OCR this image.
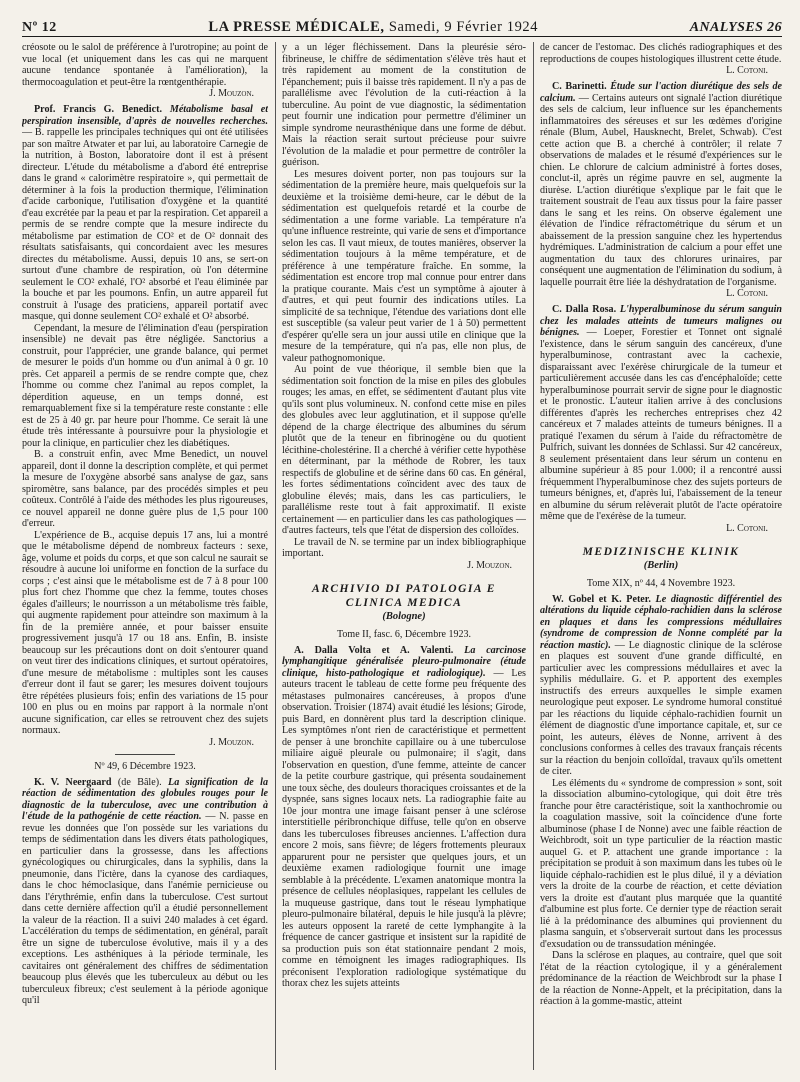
Nº 12	LA PRESSE MÉDICALE, Samedi, 9 Février 1924	ANALYSES 26

créosote ou le salol de préférence à l'urotropine; au point de vue local (et uniquement dans les cas qui ne marquent aucune tendance spontanée à l'amélioration), la thermocoagulation et peut-être la rœntgenthérapie.

J. Mouzon.

Prof. Francis G. Benedict. Métabolisme basal et perspiration insensible, d'après de nouvelles recherches. — B. rappelle les principales techniques qui ont été utilisées par son maître Atwater et par lui, au laboratoire Carnegie de la nutrition, à Boston, laboratoire dont il est à présent directeur. L'étude du métabolisme a d'abord été entreprise dans le grand « calorimètre respiratoire », qui permettait de déterminer à la fois la production thermique, l'élimination d'acide carbonique, l'utilisation d'oxygène et la quantité d'eau excrétée par la peau et par la respiration. Cet appareil a permis de se rendre compte que la mesure indirecte du métabolisme par estimation de CO² et de O² donnait des résultats satisfaisants, qui concordaient avec les mesures directes du métabolisme. Aussi, depuis 10 ans, se sert-on surtout d'une chambre de respiration, où l'on détermine seulement le CO² exhalé, l'O² absorbé et l'eau éliminée par la bouche et par les poumons. Enfin, un autre appareil fut construit à l'usage des praticiens, appareil portatif avec masque, qui donne seulement CO² exhalé et O² absorbé.

Cependant, la mesure de l'élimination d'eau (perspiration insensible) ne devait pas être négligée. Sanctorius a construit, pour l'apprécier, une grande balance, qui permet de mesurer le poids d'un homme ou d'un animal à 0 gr. 10 près. Cet appareil a permis de se rendre compte que, chez l'homme ou comme chez l'animal au repos complet, la déperdition aqueuse, en un temps donné, est remarquablement fixe si la température reste constante : elle est de 25 à 40 gr. par heure pour l'homme. Ce serait là une étude très intéressante à poursuivre pour la physiologie et pour la clinique, en particulier chez les diabétiques.

B. a construit enfin, avec Mme Benedict, un nouvel appareil, dont il donne la description complète, et qui permet la mesure de l'oxygène absorbé sans analyse de gaz, sans spiromètre, sans balance, par des procédés simples et peu coûteux. Contrôlé à l'aide des méthodes les plus rigoureuses, ce nouvel appareil ne donne guère plus de 1,5 pour 100 d'erreur.

L'expérience de B., acquise depuis 17 ans, lui a montré que le métabolisme dépend de nombreux facteurs : sexe, âge, volume et poids du corps, et que son calcul ne saurait se résoudre à aucune loi uniforme en fonction de la surface du corps ; c'est ainsi que le métabolisme est de 7 à 8 pour 100 plus fort chez l'homme que chez la femme, toutes choses égales d'ailleurs; le nourrisson a un métabolisme très faible, qui augmente rapidement pour atteindre son maximum à la fin de la première année, et pour baisser ensuite progressivement jusqu'à 17 ou 18 ans. Enfin, B. insiste beaucoup sur les précautions dont on doit s'entourer quand on veut tirer des indications cliniques, et surtout opératoires, d'une mesure de métabolisme : multiples sont les causes d'erreur dont il faut se garer; les mesures doivent toujours être répétées plusieurs fois; enfin des variations de 15 pour 100 en plus ou en moins par rapport à la normale n'ont aucune signification, car elles se retrouvent chez des sujets normaux.

J. Mouzon.
Nº 49, 6 Décembre 1923.

K. V. Neergaard (de Bâle). La signification de la réaction de sédimentation des globules rouges pour le diagnostic de la tuberculose, avec une contribution à l'étude de la pathogénie de cette réaction. — N. passe en revue les données que l'on possède sur les variations du temps de sédimentation dans les divers états pathologiques, en particulier dans la grossesse, dans les affections gynécologiques ou chirurgicales, dans la syphilis, dans la pneumonie, dans l'ictère, dans la cyanose des cardiaques, dans le choc hémoclasique, dans l'anémie pernicieuse ou dans l'érythrémie, enfin dans la tuberculose. C'est surtout dans cette dernière affection qu'il a étudié personnellement la valeur de la réaction. Il a suivi 240 malades à cet égard. L'accélération du temps de sédimentation, en général, paraît être un signe de tuberculose évolutive, mais il y a des exceptions. Les asthéniques à la période terminale, les cavitaires ont généralement des chiffres de sédimentation beaucoup plus élevés que les tuberculeux au début ou les tuberculeux fibreux; c'est seulement à la période agonique qu'il

y a un léger fléchissement. Dans la pleurésie séro-fibrineuse, le chiffre de sédimentation s'élève très haut et très rapidement au moment de la constitution de l'épanchement; puis il baisse très rapidement. Il n'y a pas de parallélisme avec l'évolution de la cuti-réaction à la tuberculine. Au point de vue diagnostic, la sédimentation peut fournir une indication pour permettre d'éliminer un simple syndrome neurasthénique dans une forme de début. Mais la réaction serait surtout précieuse pour suivre l'évolution de la maladie et pour permettre de contrôler la guérison.

Les mesures doivent porter, non pas toujours sur la sédimentation de la première heure, mais quelquefois sur la deuxième et la troisième demi-heure, car le début de la sédimentation est quelquefois retardé et la courbe de sédimentation a une forme variable. La température n'a qu'une influence restreinte, qui varie de sens et d'importance selon les cas. Il vaut mieux, de toutes manières, observer la sédimentation toujours à la même température, et de préférence à une température fraîche. En somme, la sédimentation est encore trop mal connue pour entrer dans la pratique courante. Mais c'est un symptôme à ajouter à d'autres, et qui peut fournir des indications utiles. La simplicité de sa technique, l'étendue des variations dont elle est susceptible (sa valeur peut varier de 1 à 50) permettent d'espérer qu'elle sera un jour aussi utile en clinique que la mesure de la température, qui n'a pas, elle non plus, de valeur pathognomonique.

Au point de vue théorique, il semble bien que la sédimentation soit fonction de la mise en piles des globules rouges; les amas, en effet, se sédimentent d'autant plus vite qu'ils sont plus volumineux. N. confond cette mise en piles des globules avec leur agglutination, et il suppose qu'elle dépend de la charge électrique des albumines du sérum plutôt que de la teneur en fibrinogène ou du quotient lécithine-cholestérine. Il a cherché à vérifier cette hypothèse en déterminant, par la méthode de Robrer, les taux respectifs de globuline et de sérine dans 60 cas. En général, les fortes sédimentations coïncident avec des taux de globuline élevés; mais, dans les cas particuliers, le parallélisme reste tout à fait approximatif. Il existe certainement — en particulier dans les cas pathologiques — d'autres facteurs, tels que l'état de dispersion des colloïdes.

Le travail de N. se termine par un index bibliographique important.

J. Mouzon.
ARCHIVIO DI PATOLOGIA E CLINICA MEDICA
(Bologne)
Tome II, fasc. 6, Décembre 1923.

A. Dalla Volta et A. Valenti. La carcinose lymphangitique généralisée pleuro-pulmonaire (étude clinique, histo-pathologique et radiologique). — Les auteurs tracent le tableau de cette forme peu fréquente des métastases pulmonaires cancéreuses, à propos d'une observation. Troisier (1874) avait étudié les lésions; Girode, puis Bard, en donnèrent plus tard la description clinique. Les symptômes n'ont rien de caractéristique et permettent de penser à une bronchite capillaire ou à une tuberculose miliaire aiguë pleurale ou pulmonaire; il s'agit, dans l'observation en question, d'une femme, atteinte de cancer de la petite courbure gastrique, qui présenta soudainement une toux sèche, des douleurs thoraciques croissantes et de la dyspnée, sans signes locaux nets. La radiographie faite au 10e jour montra une image faisant penser à une sclérose interstitielle péribronchique diffuse, telle qu'on en observe dans les tuberculoses fibreuses anciennes. L'affection dura encore 2 mois, sans fièvre; de légers frottements pleuraux apparurent pour ne persister que quelques jours, et un deuxième examen radiologique fournit une image semblable à la précédente. L'examen anatomique montra la présence de cellules néoplasiques, rappelant les cellules de la muqueuse gastrique, dans tout le réseau lymphatique pleuro-pulmonaire bilatéral, depuis le hile jusqu'à la plèvre; les auteurs opposent la rareté de cette lymphangite à la fréquence de cancer gastrique et insistent sur la rapidité de sa production puis son état stationnaire pendant 2 mois, comme en témoignent les images radiographiques. Ils préconisent l'exploration radiologique systématique du thorax chez les sujets atteints

de cancer de l'estomac. Des clichés radiographiques et des reproductions de coupes histologiques illustrent cette étude.

L. Cotoni.

C. Barinetti. Étude sur l'action diurétique des sels de calcium. — Certains auteurs ont signalé l'action diurétique des sels de calcium, leur influence sur les épanchements inflammatoires des séreuses et sur les œdèmes d'origine rénale (Blum, Aubel, Hausknecht, Brelet, Schwab). C'est cette action que B. a cherché à contrôler; il relate 7 observations de malades et le résumé d'expériences sur le chien. Le chlorure de calcium administré à fortes doses, conclut-il, après un régime pauvre en sel, augmente la diurèse. L'action diurétique s'explique par le fait que le traitement soustrait de l'eau aux tissus pour la faire passer dans le sang et les reins. On observe également une élévation de l'indice réfractométrique du sérum et un abaissement de la pression sanguine chez les hypertendus hydrémiques. L'administration de calcium a pour effet une augmentation du taux des chlorures urinaires, par conséquent une augmentation de l'élimination du sodium, à laquelle pourrait être liée la déshydratation de l'organisme.

L. Cotoni.

C. Dalla Rosa. L'hyperalbuminose du sérum sanguin chez les malades atteints de tumeurs malignes ou bénignes. — Loeper, Forestier et Tonnet ont signalé l'existence, dans le sérum sanguin des cancéreux, d'une hyperalbuminose, contrastant avec la cachexie, disparaissant avec l'exérèse chirurgicale de la tumeur et particulièrement accusée dans les cas d'encéphaloïde; cette hyperalbuminose pourrait servir de signe pour le diagnostic et le pronostic. L'auteur italien arrive à des conclusions différentes d'après les recherches entreprises chez 42 cancéreux et 7 malades atteints de tumeurs bénignes. Il a pratiqué l'examen du sérum à l'aide du réfractomètre de Pulfrich, suivant les données de Schlassi. Sur 42 cancéreux, 8 seulement présentaient dans leur sérum un contenu en albumine supérieur à 85 pour 1.000; il a rencontré aussi fréquemment l'hyperalbuminose chez des sujets porteurs de tumeurs bénignes, et, d'après lui, l'abaissement de la teneur en albumine du sérum relèverait plutôt de l'acte opératoire même que de l'exérèse de la tumeur.

L. Cotoni.
MEDIZINISCHE KLINIK
(Berlin)
Tome XIX, nº 44, 4 Novembre 1923.

W. Gobel et K. Peter. Le diagnostic différentiel des altérations du liquide céphalo-rachidien dans la sclérose en plaques et dans les compressions médullaires (syndrome de compression de Nonne complété par la réaction mastic). — Le diagnostic clinique de la sclérose en plaques est souvent d'une grande difficulté, en particulier avec les compressions médullaires et avec la syphilis médullaire. G. et P. apportent des exemples instructifs des erreurs auxquelles le simple examen neurologique peut exposer. Le syndrome humoral constitué par les réactions du liquide céphalo-rachidien fournit un élément de diagnostic d'une importance capitale, et, sur ce point, les auteurs, élèves de Nonne, arrivent à des conclusions conformes à celles des travaux français récents sur la réaction du benjoin colloïdal, travaux qu'ils omettent de citer.

Les éléments du « syndrome de compression » sont, soit la dissociation albumino-cytologique, qui doit être très franche pour être caractéristique, soit la xanthochromie ou la coagulation massive, soit la coïncidence d'une forte albuminose (phase I de Nonne) avec une faible réaction de Weichbrodt, soit un type particulier de la réaction mastic auquel G. et P. attachent une grande importance : la précipitation se produit à son maximum dans les tubes où le liquide céphalo-rachidien est le plus dilué, il y a déviation vers la droite de la courbe de réaction, et cette déviation vers la droite est d'autant plus marquée que la quantité d'albumine est plus forte. Ce dernier type de réaction serait lié à la prédominance des albumines qui proviennent du plasma sanguin, et s'observerait surtout dans les processus d'exsudation ou de transsudation méningée.

Dans la sclérose en plaques, au contraire, quel que soit l'état de la réaction cytologique, il y a généralement prédominance de la réaction de Weichbrodt sur la phase I de la réaction de Nonne-Appelt, et la précipitation, dans la réaction à la gomme-mastic, atteint
